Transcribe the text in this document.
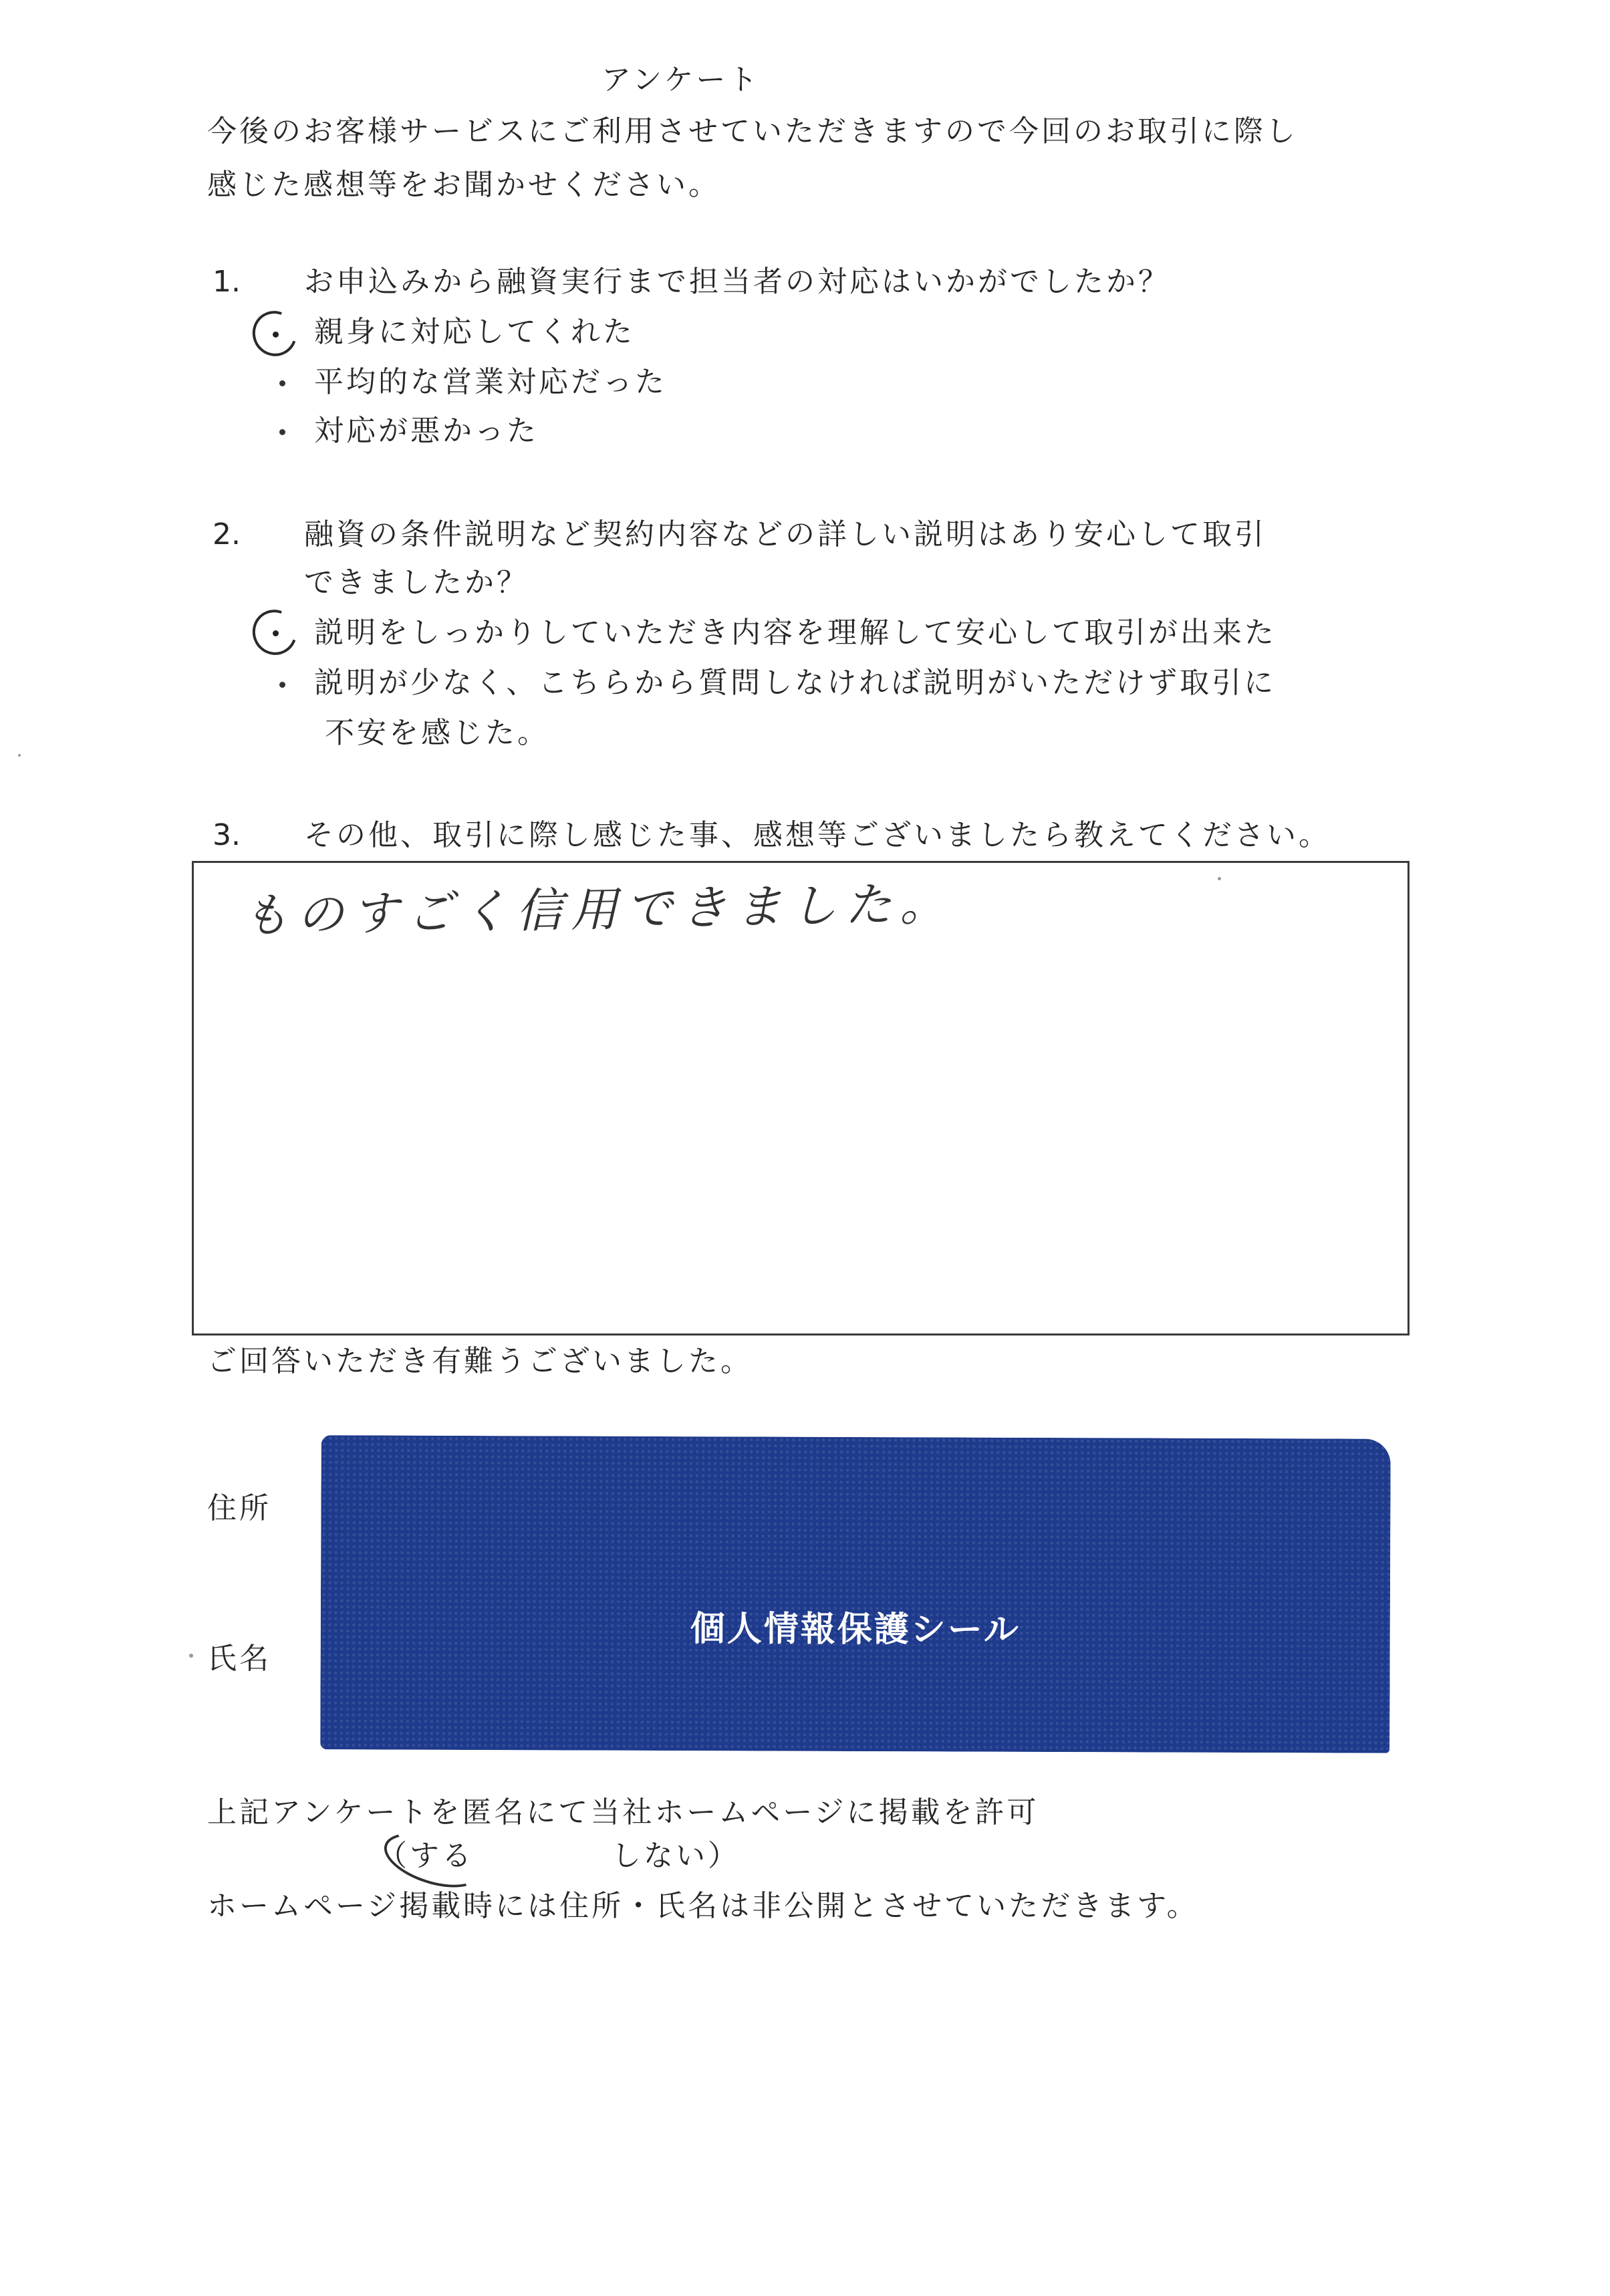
アンケート
今後のお客様サービスにご利用させていただきますので今回のお取引に際し
感じた感想等をお聞かせください。
1. お申込みから融資実行まで担当者の対応はいかがでしたか？
親身に対応してくれた
平均的な営業対応だった
対応が悪かった
2. 融資の条件説明など契約内容などの詳しい説明はあり安心して取引
できましたか？
説明をしっかりしていただき内容を理解して安心して取引が出来た
説明が少なく、こちらから質問しなければ説明がいただけず取引に
不安を感じた。
3. その他、取引に際し感じた事、感想等ございましたら教えてください。
ものすごく信用できました。
ご回答いただき有難うございました。
住所
氏名
個人情報保護シール
上記アンケートを匿名にて当社ホームページに掲載を許可
（する	しない）
ホームページ掲載時には住所・氏名は非公開とさせていただきます。
